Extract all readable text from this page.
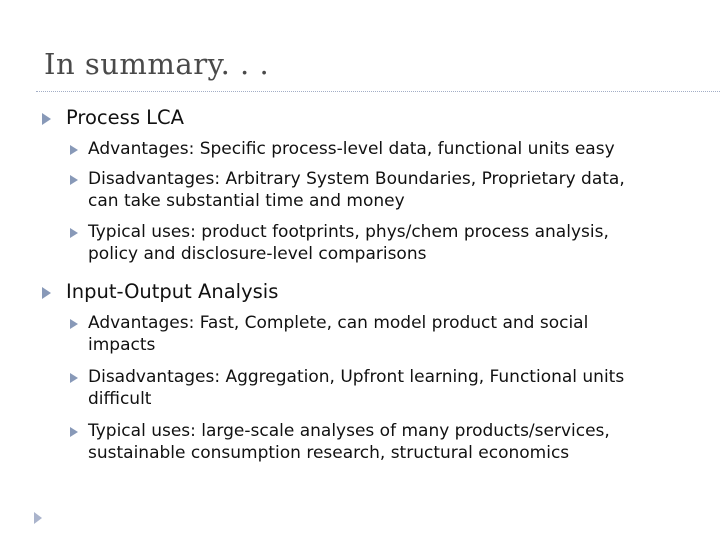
In summary. . .
Process LCA
Advantages: Specific process-level data, functional units easy
Disadvantages: Arbitrary System Boundaries, Proprietary data,
can take substantial time and money
Typical uses: product footprints, phys/chem process analysis,
policy and disclosure-level comparisons
Input-Output Analysis
Advantages: Fast, Complete, can model product and social
impacts
Disadvantages: Aggregation, Upfront learning, Functional units
difficult
Typical uses: large-scale analyses of many products/services,
sustainable consumption research, structural economics
